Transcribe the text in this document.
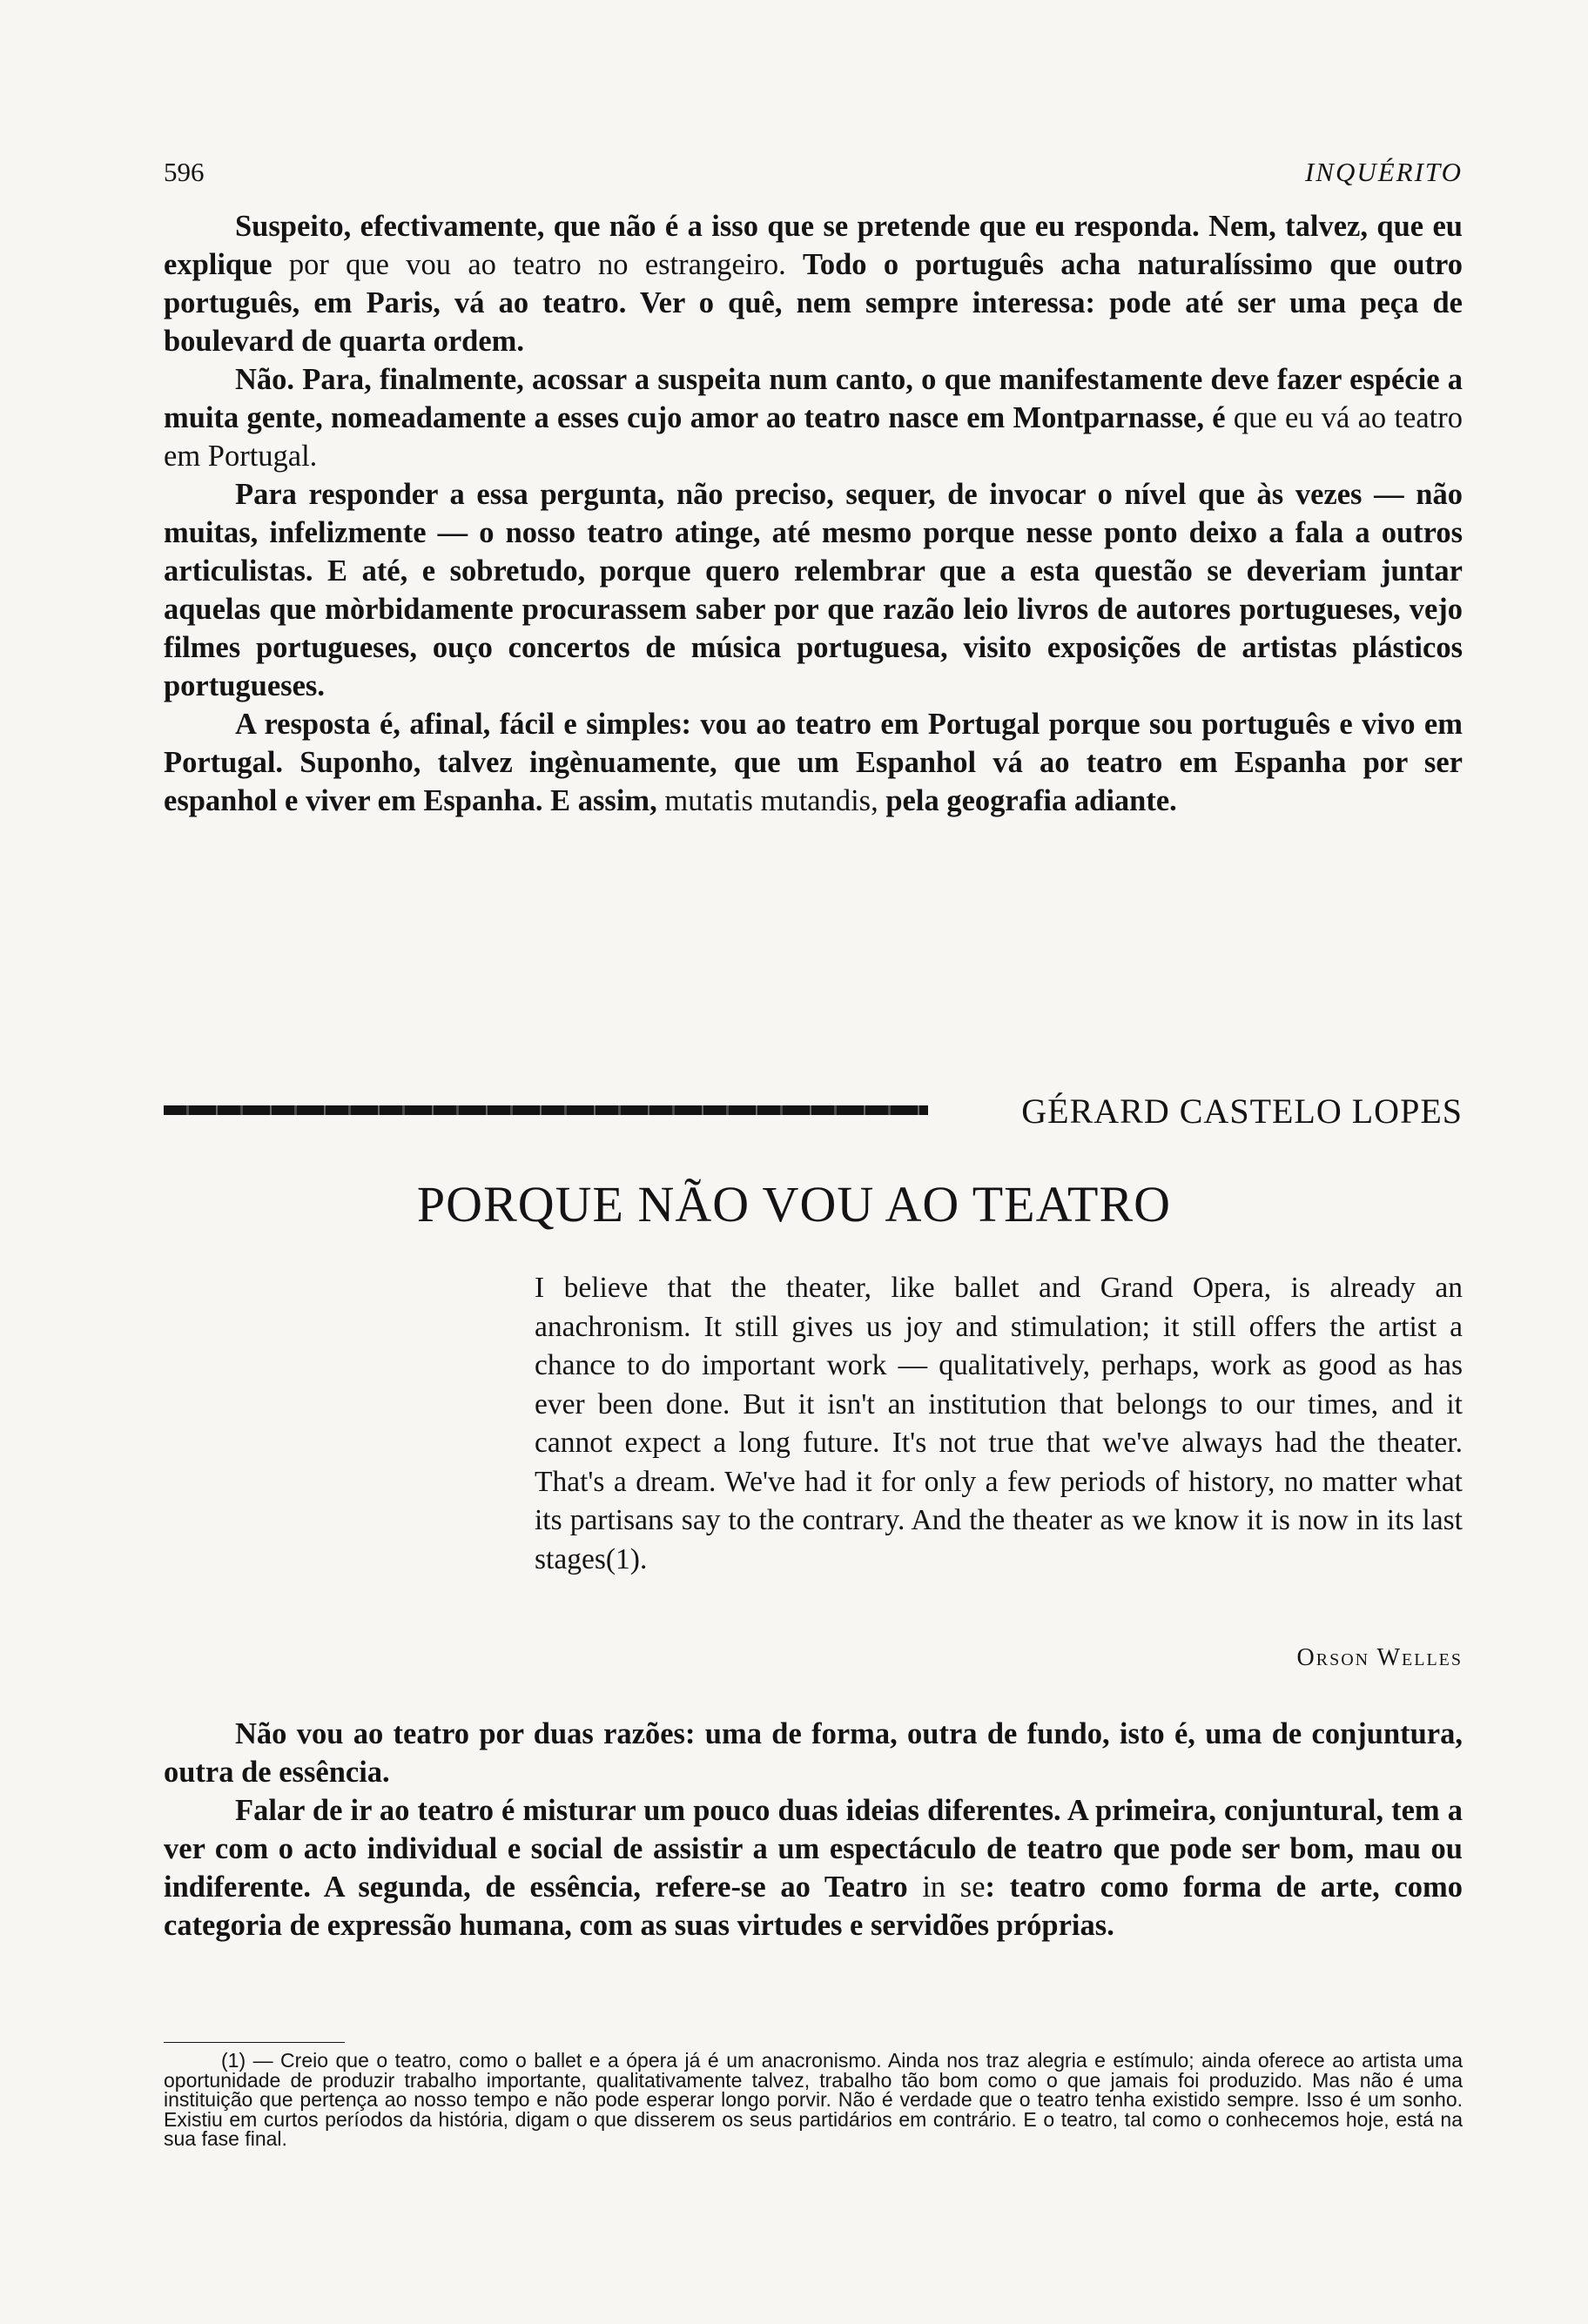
596	INQUÉRITO

Suspeito, efectivamente, que não é a isso que se pretende que eu responda. Nem, talvez, que eu explique por que vou ao teatro no estrangeiro. Todo o português acha naturalíssimo que outro português, em Paris, vá ao teatro. Ver o quê, nem sempre interessa: pode até ser uma peça de boulevard de quarta ordem.

Não. Para, finalmente, acossar a suspeita num canto, o que manifestamente deve fazer espécie a muita gente, nomeadamente a esses cujo amor ao teatro nasce em Montparnasse, é que eu vá ao teatro em Portugal.

Para responder a essa pergunta, não preciso, sequer, de invocar o nível que às vezes — não muitas, infelizmente — o nosso teatro atinge, até mesmo porque nesse ponto deixo a fala a outros articulistas. E até, e sobretudo, porque quero relembrar que a esta questão se deveriam juntar aquelas que mòrbidamente procurassem saber por que razão leio livros de autores portugueses, vejo filmes portugueses, ouço concertos de música portuguesa, visito exposições de artistas plásticos portugueses.

A resposta é, afinal, fácil e simples: vou ao teatro em Portugal porque sou português e vivo em Portugal. Suponho, talvez ingènuamente, que um Espanhol vá ao teatro em Espanha por ser espanhol e viver em Espanha. E assim, mutatis mutandis, pela geografia adiante.

GÉRARD CASTELO LOPES
PORQUE NÃO VOU AO TEATRO

I believe that the theater, like ballet and Grand Opera, is already an anachronism. It still gives us joy and stimulation; it still offers the artist a chance to do important work — qualitatively, perhaps, work as good as has ever been done. But it isn't an institution that belongs to our times, and it cannot expect a long future. It's not true that we've always had the theater. That's a dream. We've had it for only a few periods of history, no matter what its partisans say to the contrary. And the theater as we know it is now in its last stages(1).

Orson Welles

Não vou ao teatro por duas razões: uma de forma, outra de fundo, isto é, uma de conjuntura, outra de essência.

Falar de ir ao teatro é misturar um pouco duas ideias diferentes. A primeira, conjuntural, tem a ver com o acto individual e social de assistir a um espectáculo de teatro que pode ser bom, mau ou indiferente. A segunda, de essência, refere-se ao Teatro in se: teatro como forma de arte, como categoria de expressão humana, com as suas virtudes e servidões próprias.

(1) — Creio que o teatro, como o ballet e a ópera já é um anacronismo. Ainda nos traz alegria e estímulo; ainda oferece ao artista uma oportunidade de produzir trabalho importante, qualitativamente talvez, trabalho tão bom como o que jamais foi produzido. Mas não é uma instituição que pertença ao nosso tempo e não pode esperar longo porvir. Não é verdade que o teatro tenha existido sempre. Isso é um sonho. Existiu em curtos períodos da história, digam o que disserem os seus partidários em contrário. E o teatro, tal como o conhecemos hoje, está na sua fase final.
